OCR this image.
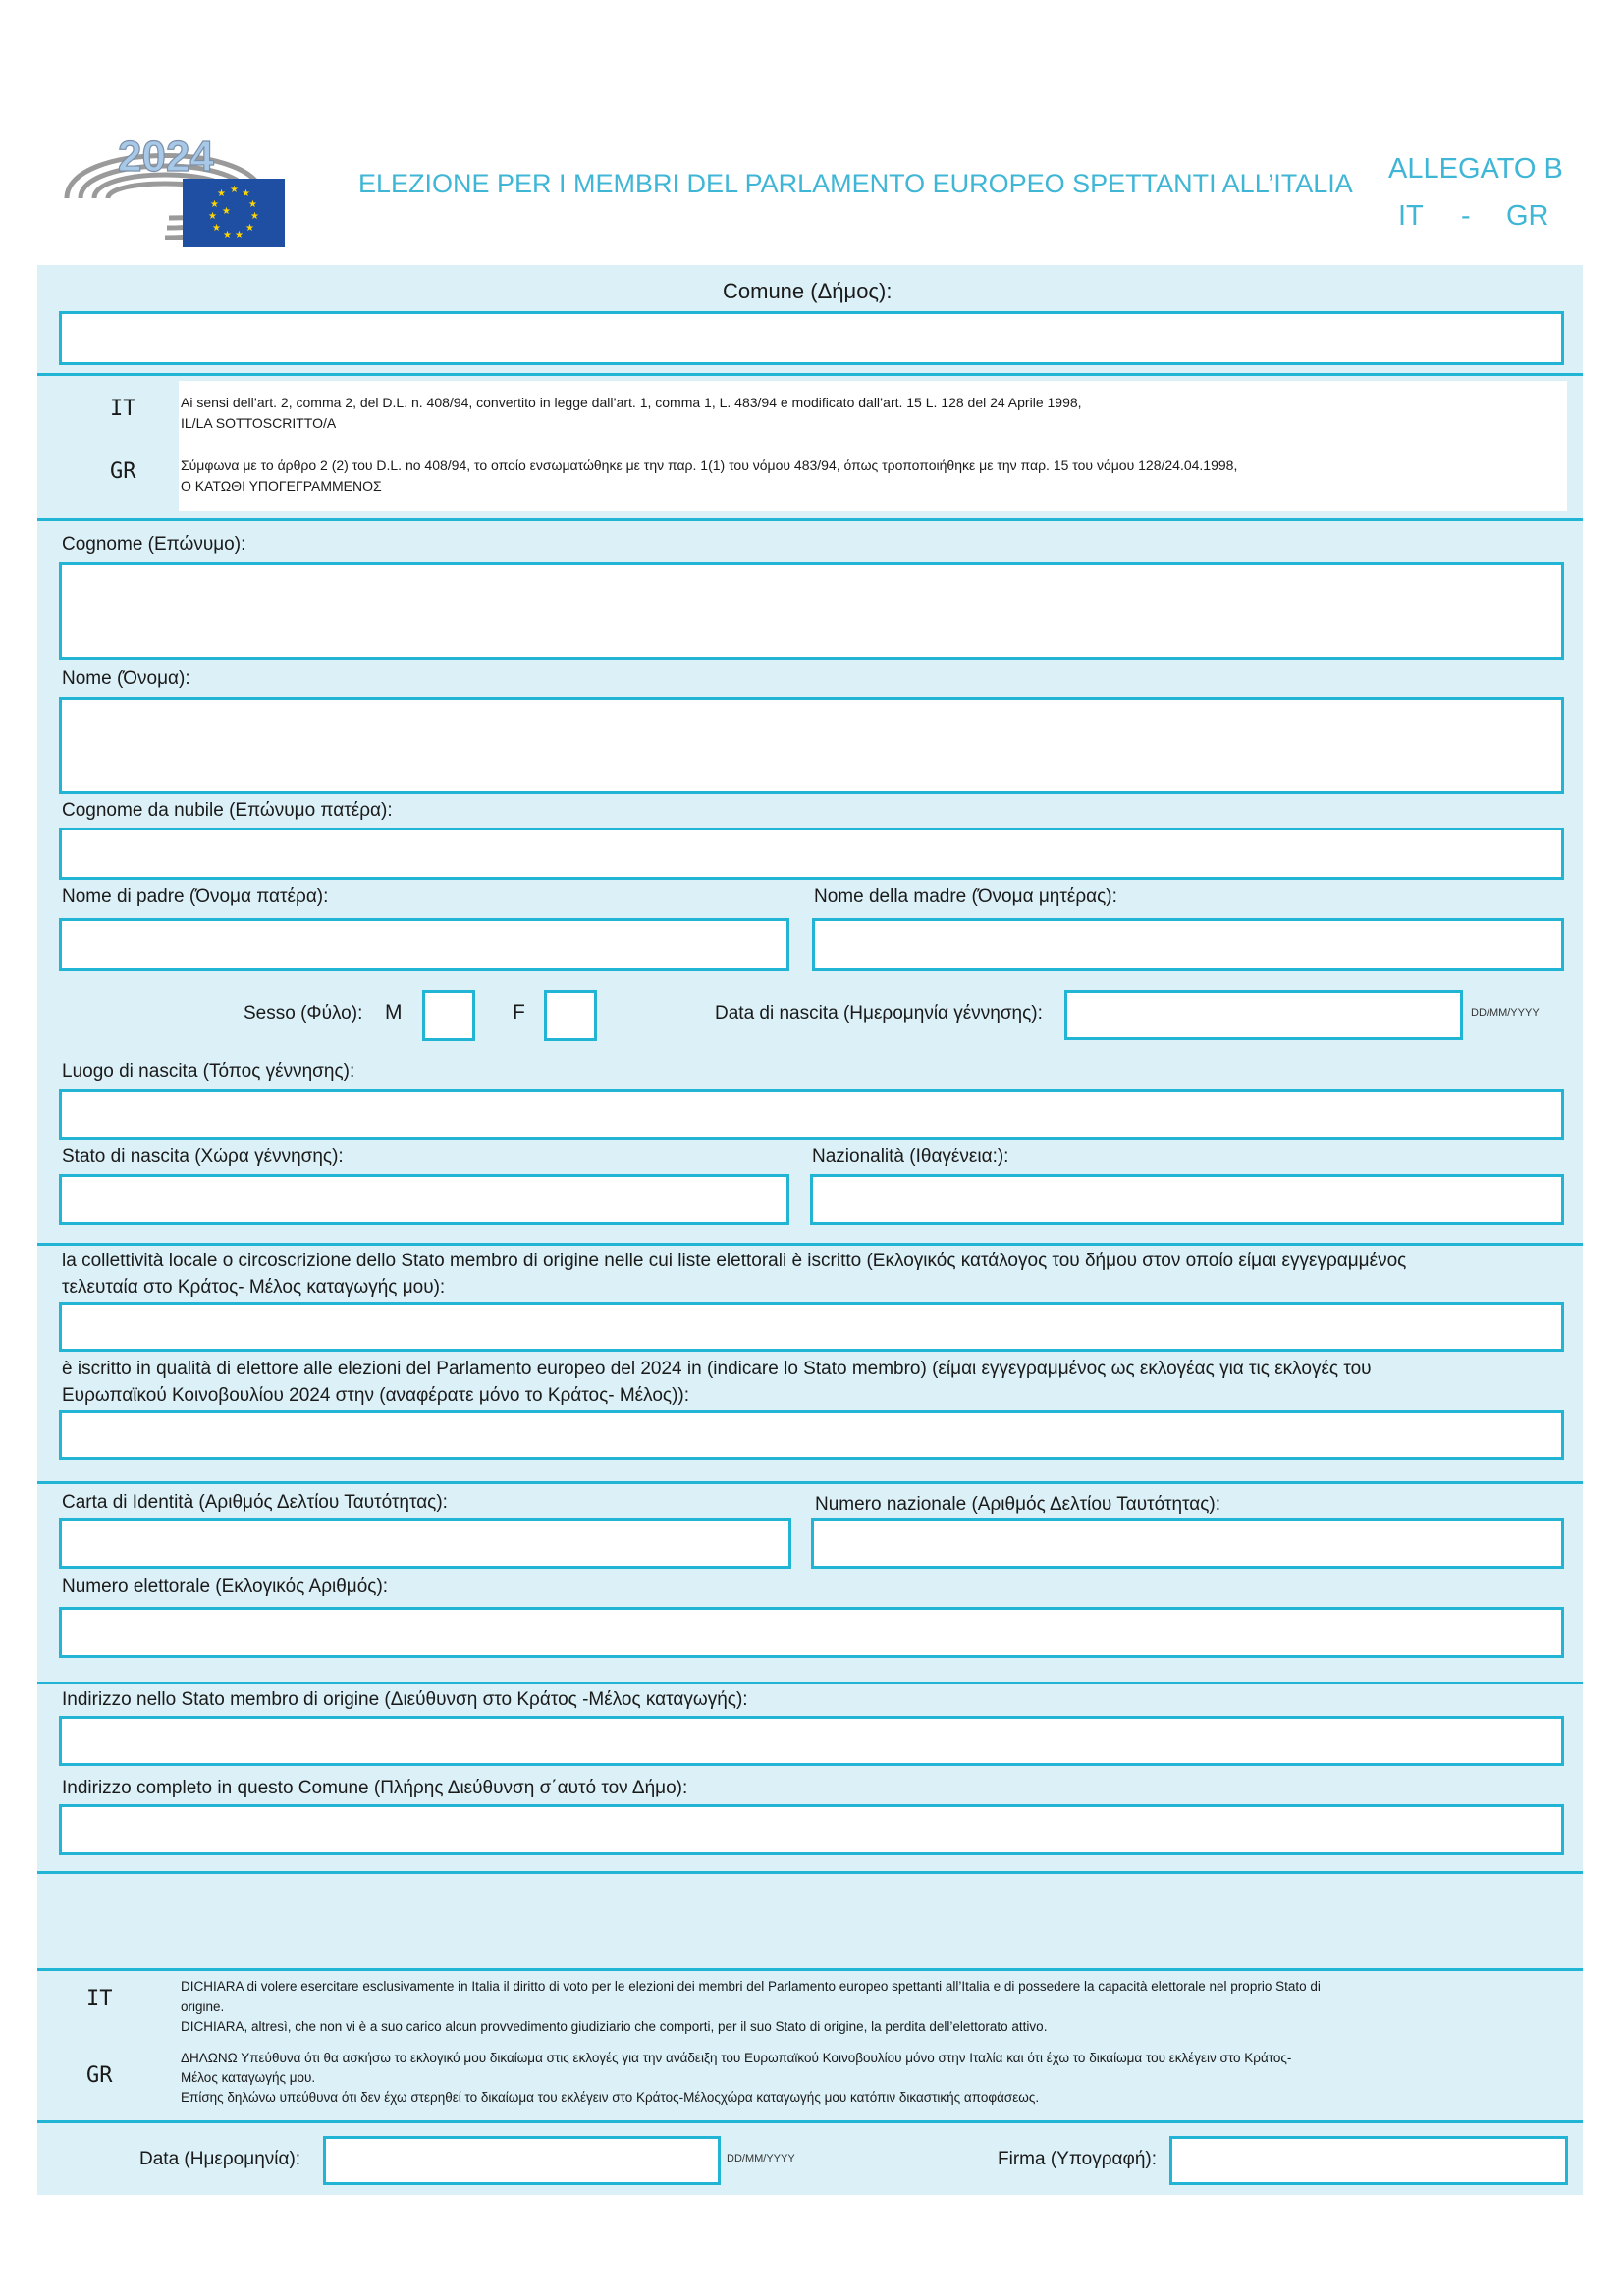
★ ★
★
★
★
★
★
★
★
★
★
★
2024
ELEZIONE PER I MEMBRI DEL PARLAMENTO EUROPEO SPETTANTI ALL’ITALIA ALLEGATO B
IT - GR
Comune (Δήμος):
IT
GR
Ai sensi dell’art. 2, comma 2, del D.L. n. 408/94, convertito in legge dall’art. 1, comma 1, L. 483/94 e modificato dall’art. 15 L. 128 del 24 Aprile 1998,
IL/LA SOTTOSCRITTO/A
Σύμφωνα με το άρθρο 2 (2) του D.L. no 408/94, το οποίο ενσωματώθηκε με την παρ. 1(1) του νόμου 483/94, όπως τροποποιήθηκε με την παρ. 15 του νόμου 128/24.04.1998,
Ο ΚΑΤΩΘΙ ΥΠΟΓΕΓΡΑΜΜΕΝΟΣ
Cognome (Επώνυμο):
Nome (Όνομα):
Cognome da nubile (Επώνυμο πατέρα):
Nome di padre (Όνομα πατέρα):	Nome della madre (Όνομα μητέρας):
Sesso (Φύλο): M	F	Data di nascita (Ημερομηνία γέννησης):	DD/MM/YYYY
Luogo di nascita (Τόπος γέννησης):
Stato di nascita (Χώρα γέννησης):	Nazionalità (Ιθαγένεια:):
la collettività locale o circoscrizione dello Stato membro di origine nelle cui liste elettorali è iscritto (Εκλογικός κατάλογος του δήμου στον οποίο είμαι εγγεγραμμένος
τελευταία στο Κράτος- Μέλος καταγωγής μου):
è iscritto in qualità di elettore alle elezioni del Parlamento europeo del 2024 in (indicare lo Stato membro) (είμαι εγγεγραμμένος ως εκλογέας για τις εκλογές του
Ευρωπαϊκού Κοινοβουλίου 2024 στην (αναφέρατε μόνο το Κράτος- Μέλος)):
Carta di Identità (Αριθμός Δελτίου Ταυτότητας):	Numero nazionale (Αριθμός Δελτίου Ταυτότητας):
Numero elettorale (Εκλογικός Αριθμός):
Indirizzo nello Stato membro di origine (Διεύθυνση στο Κράτος -Μέλος καταγωγής):
Indirizzo completo in questo Comune (Πλήρης Διεύθυνση σ΄αυτό τον Δήμο):
IT
GR
DICHIARA di volere esercitare esclusivamente in Italia il diritto di voto per le elezioni dei membri del Parlamento europeo spettanti all’Italia e di possedere la capacità elettorale nel proprio Stato di
origine.
DICHIARA, altresì, che non vi è a suo carico alcun provvedimento giudiziario che comporti, per il suo Stato di origine, la perdita dell’elettorato attivo.
ΔΗΛΩΝΩ Υπεύθυνα ότι θα ασκήσω το εκλογικό μου δικαίωμα στις εκλογές για την ανάδειξη του Ευρωπαϊκού Κοινοβουλίου μόνο στην Ιταλία και ότι έχω το δικαίωμα του εκλέγειν στο Κράτος-
Μέλος καταγωγής μου.
Επίσης δηλώνω υπεύθυνα ότι δεν έχω στερηθεί το δικαίωμα του εκλέγειν στο Κράτος-Μέλοςχώρα καταγωγής μου κατόπιν δικαστικής αποφάσεως.
Data (Ημερομηνία):	DD/MM/YYYY	Firma (Υπογραφή):
